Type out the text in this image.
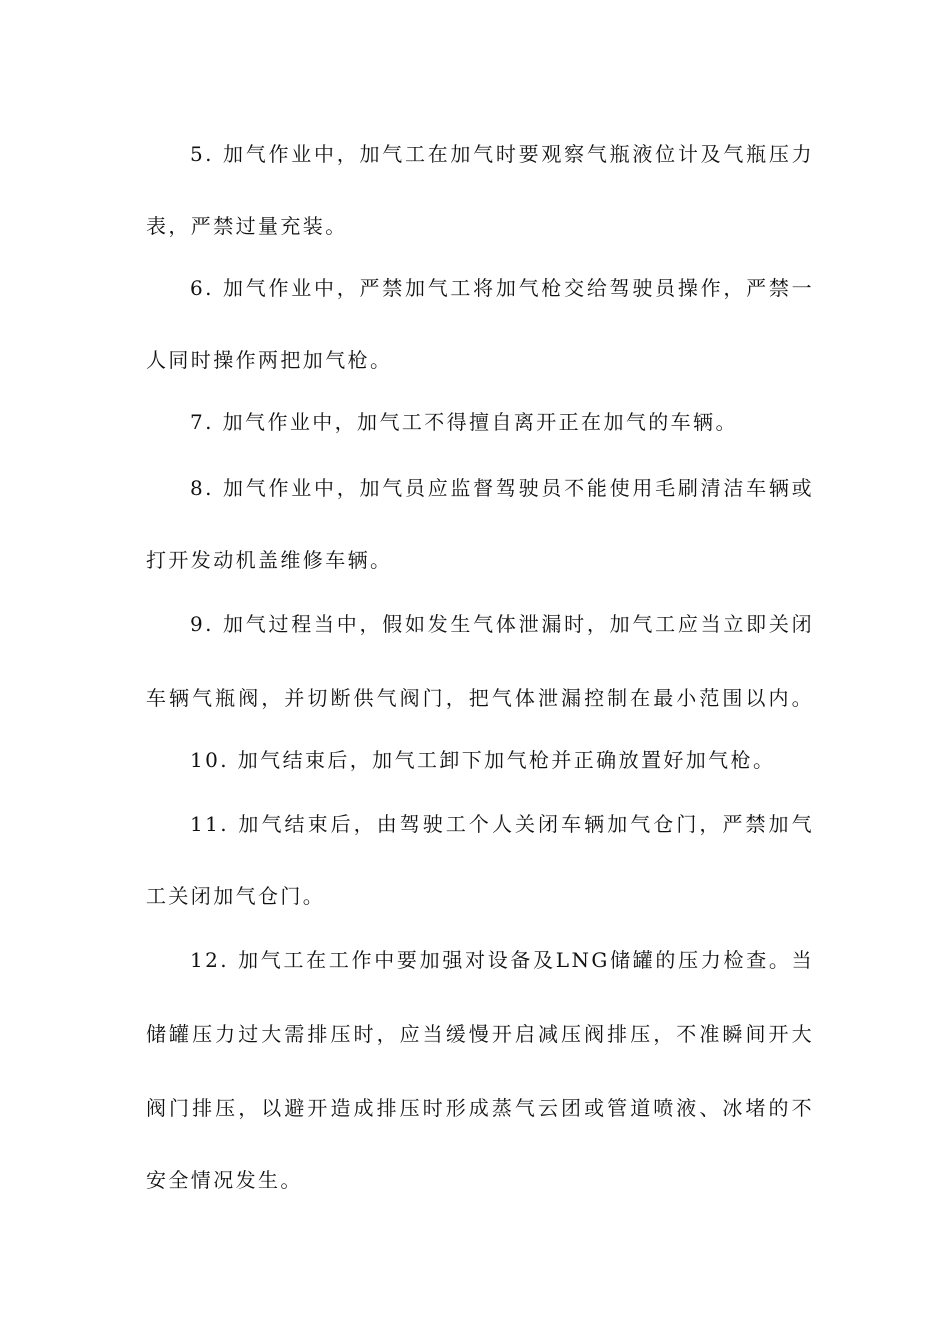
5. 加气作业中，加气工在加气时要观察气瓶液位计及气瓶压力
表，严禁过量充装。
6. 加气作业中，严禁加气工将加气枪交给驾驶员操作，严禁一
人同时操作两把加气枪。
7. 加气作业中，加气工不得擅自离开正在加气的车辆。
8. 加气作业中，加气员应监督驾驶员不能使用毛刷清洁车辆或
打开发动机盖维修车辆。
9. 加气过程当中，假如发生气体泄漏时，加气工应当立即关闭
车辆气瓶阀，并切断供气阀门，把气体泄漏控制在最小范围以内。
10. 加气结束后，加气工卸下加气枪并正确放置好加气枪。
11. 加气结束后，由驾驶工个人关闭车辆加气仓门，严禁加气
工关闭加气仓门。
12. 加气工在工作中要加强对设备及LNG储罐的压力检查。当
储罐压力过大需排压时，应当缓慢开启减压阀排压，不准瞬间开大
阀门排压，以避开造成排压时形成蒸气云团或管道喷液、冰堵的不
安全情况发生。
